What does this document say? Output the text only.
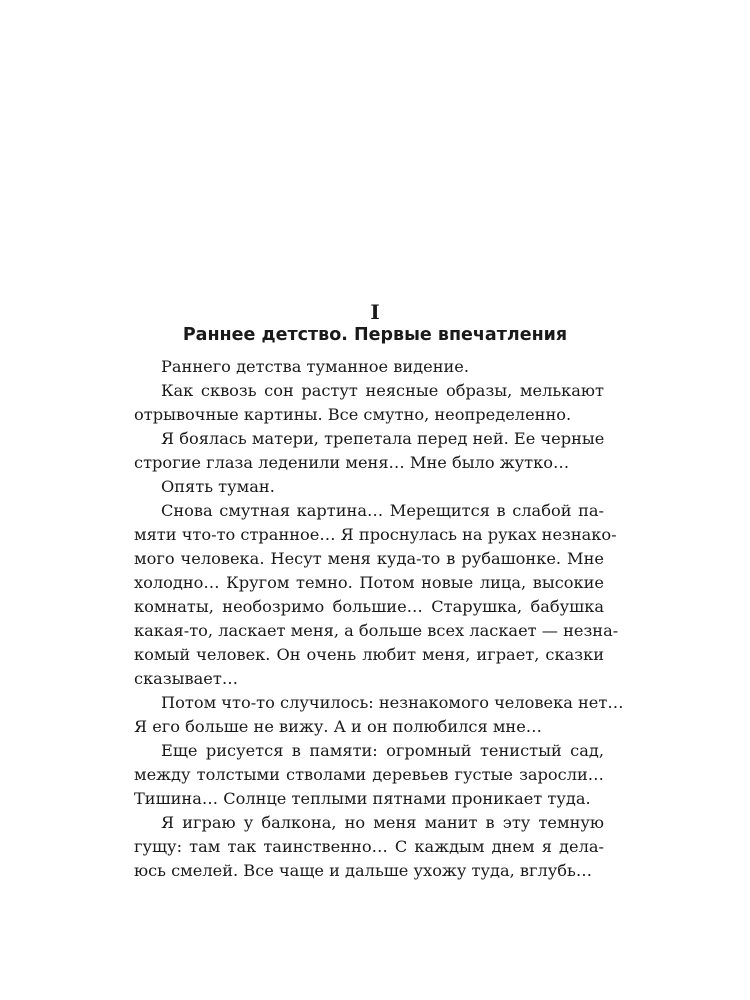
I
Раннее детство. Первые впечатления
Раннего детства туманное видение.
Как сквозь сон растут неясные образы, мелькают
отрывочные картины. Все смутно, неопределенно.
Я боялась матери, трепетала перед ней. Ее черные
строгие глаза леденили меня… Мне было жутко…
Опять туман.
Снова смутная картина… Мерещится в слабой па-
мяти что-то странное… Я проснулась на руках незнако-
мого человека. Несут меня куда-то в рубашонке. Мне
холодно… Кругом темно. Потом новые лица, высокие
комнаты, необозримо большие… Старушка, бабушка
какая-то, ласкает меня, а больше всех ласкает — незна-
комый человек. Он очень любит меня, играет, сказки
сказывает…
Потом что-то случилось: незнакомого человека нет…
Я его больше не вижу. А и он полюбился мне…
Еще рисуется в памяти: огромный тенистый сад,
между толстыми стволами деревьев густые заросли…
Тишина… Солнце теплыми пятнами проникает туда.
Я играю у балкона, но меня манит в эту темную
гущу: там так таинственно… С каждым днем я дела-
юсь смелей. Все чаще и дальше ухожу туда, вглубь…
